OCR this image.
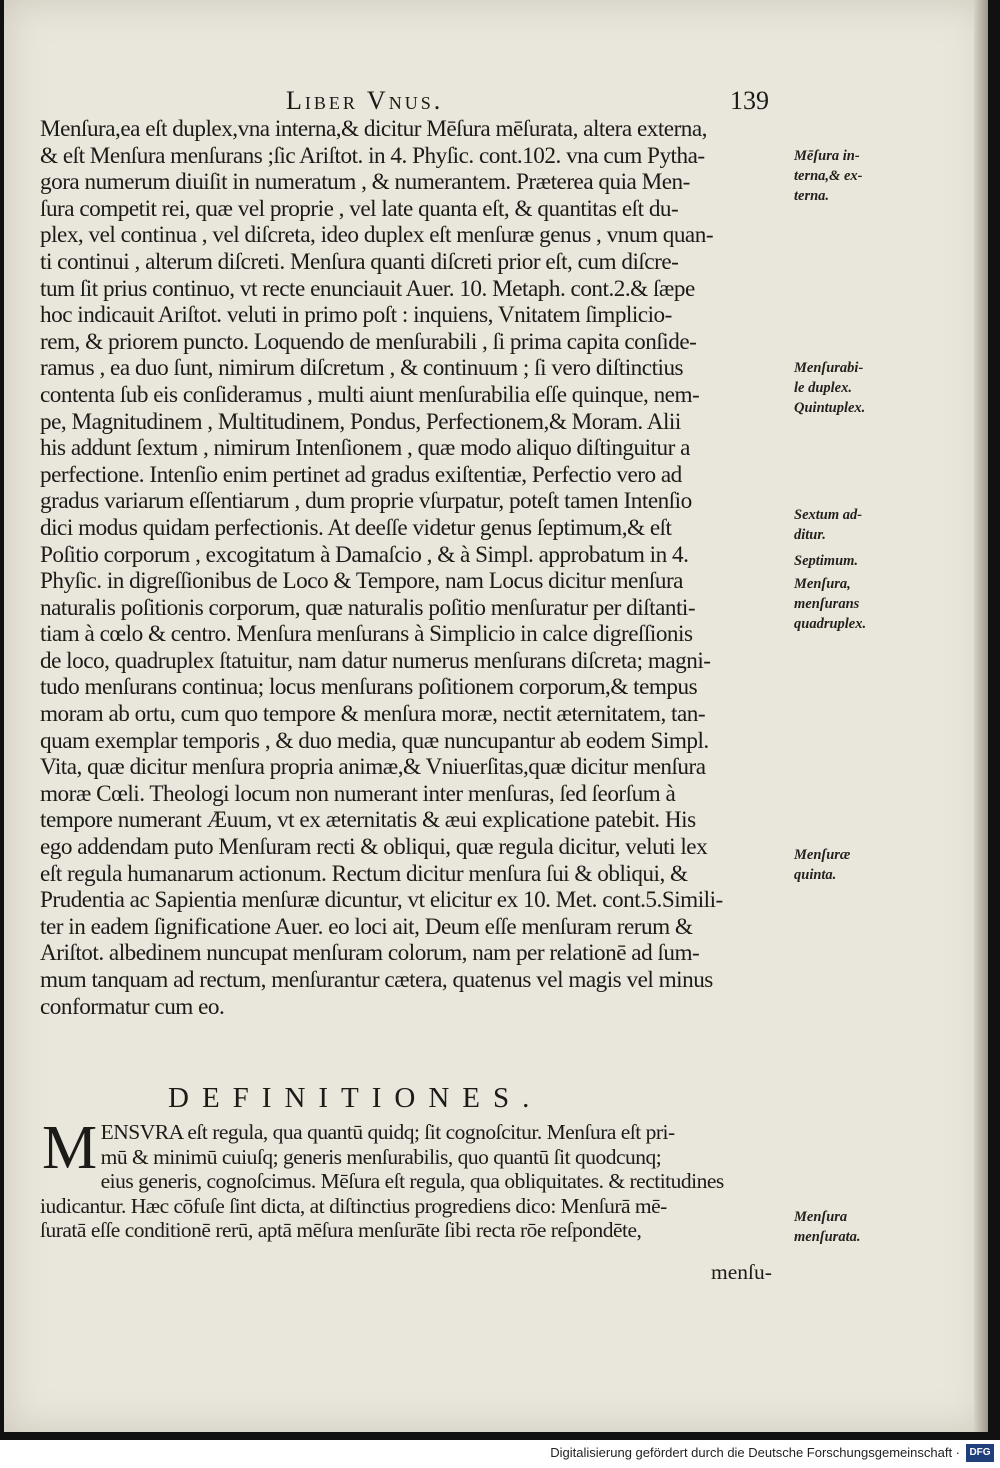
Liber Vnus.	139
Menſura,ea eſt duplex,vna interna,& dicitur Mēſura mēſurata, altera externa,
& eſt Menſura menſurans ;ſic Ariſtot. in 4. Phyſic. cont.102. vna cum Pytha-
gora numerum diuiſit in numeratum , & numerantem. Præterea quia Men-
ſura competit rei, quæ vel proprie , vel late quanta eſt, & quantitas eſt du-
plex, vel continua , vel diſcreta, ideo duplex eſt menſuræ genus , vnum quan-
ti continui , alterum diſcreti. Menſura quanti diſcreti prior eſt, cum diſcre-
tum ſit prius continuo, vt recte enunciauit Auer. 10. Metaph. cont.2.& ſæpe
hoc indicauit Ariſtot. veluti in primo poſt : inquiens, Vnitatem ſimplicio-
rem, & priorem puncto. Loquendo de menſurabili , ſi prima capita conſide-
ramus , ea duo ſunt, nimirum diſcretum , & continuum ; ſi vero diſtinctius
contenta ſub eis conſideramus , multi aiunt menſurabilia eſſe quinque, nem-
pe, Magnitudinem , Multitudinem, Pondus, Perfectionem,& Moram. Alii
his addunt ſextum , nimirum Intenſionem , quæ modo aliquo diſtinguitur a
perfectione. Intenſio enim pertinet ad gradus exiſtentiæ, Perfectio vero ad
gradus variarum eſſentiarum , dum proprie vſurpatur, poteſt tamen Intenſio
dici modus quidam perfectionis. At deeſſe videtur genus ſeptimum,& eſt
Poſitio corporum , excogitatum à Damaſcio , & à Simpl. approbatum in 4.
Phyſic. in digreſſionibus de Loco & Tempore, nam Locus dicitur menſura
naturalis poſitionis corporum, quæ naturalis poſitio menſuratur per diſtanti-
tiam à cœlo & centro. Menſura menſurans à Simplicio in calce digreſſionis
de loco, quadruplex ſtatuitur, nam datur numerus menſurans diſcreta; magni-
tudo menſurans continua; locus menſurans poſitionem corporum,& tempus
moram ab ortu, cum quo tempore & menſura moræ, nectit æternitatem, tan-
quam exemplar temporis , & duo media, quæ nuncupantur ab eodem Simpl.
Vita, quæ dicitur menſura propria animæ,& Vniuerſitas,quæ dicitur menſura
moræ Cœli. Theologi locum non numerant inter menſuras, ſed ſeorſum à
tempore numerant Æuum, vt ex æternitatis & æui explicatione patebit. His
ego addendam puto Menſuram recti & obliqui, quæ regula dicitur, veluti lex
eſt regula humanarum actionum. Rectum dicitur menſura ſui & obliqui, &
Prudentia ac Sapientia menſuræ dicuntur, vt elicitur ex 10. Met. cont.5.Simili-
ter in eadem ſignificatione Auer. eo loci ait, Deum eſſe menſuram rerum &
Ariſtot. albedinem nuncupat menſuram colorum, nam per relationē ad ſum-
mum tanquam ad rectum, menſurantur cætera, quatenus vel magis vel minus
conformatur cum eo.
DEFINITIONES.
M ENSVRA eſt regula, qua quantū quidq; ſit cognoſcitur. Menſura eſt pri-
mū & minimū cuiuſq; generis menſurabilis, quo quantū ſit quodcunq;
eius generis, cognoſcimus. Mēſura eſt regula, qua obliquitates. & rectitudines
iudicantur. Hæc cōfuſe ſint dicta, at diſtinctius progrediens dico: Menſurā mē-
ſuratā eſſe conditionē rerū, aptā mēſura menſurāte ſibi recta rōe reſpondēte,
menſu-
Mēſura in-
terna,& ex-
terna.
Menſurabi-
le duplex.
Quintuplex.
Sextum ad-
ditur.
Septimum.
Menſura,
menſurans
quadruplex.
Menſuræ
quinta.
Menſura
menſurata.
Digitalisierung gefördert durch die Deutsche Forschungsgemeinschaft · DFG
